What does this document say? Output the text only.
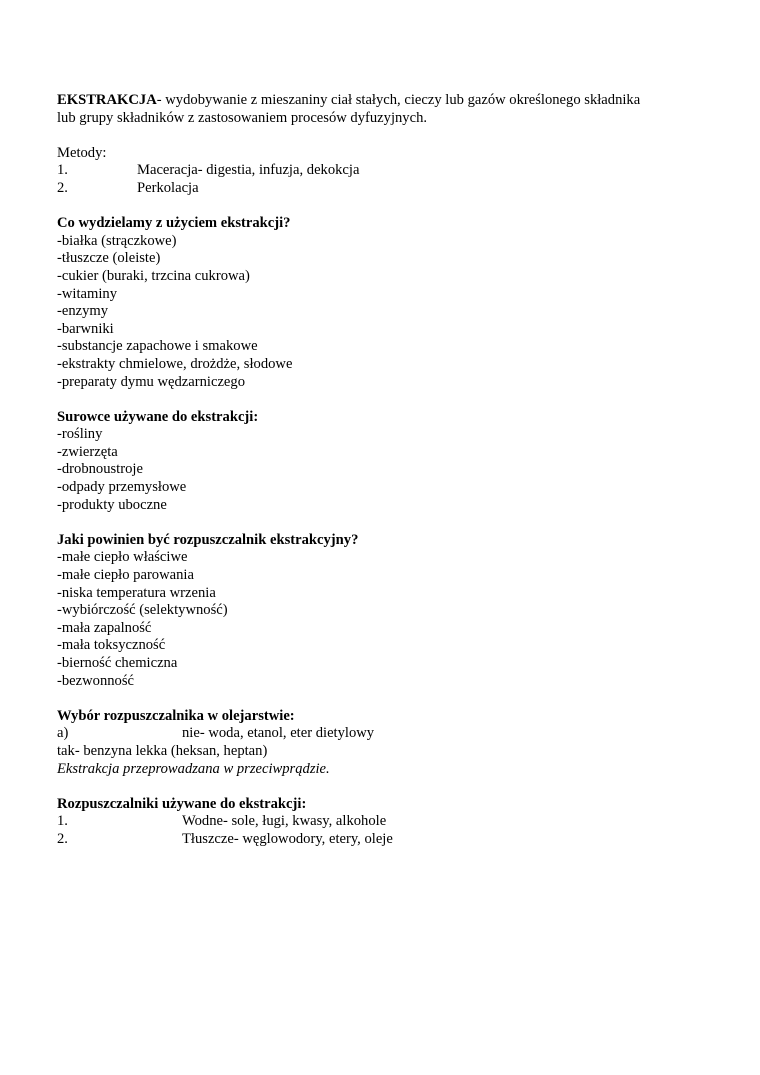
EKSTRAKCJA- wydobywanie z mieszaniny ciał stałych, cieczy lub gazów określonego składnika
lub grupy składników z zastosowaniem procesów dyfuzyjnych.
Metody:
1.	Maceracja- digestia, infuzja, dekokcja
2.	Perkolacja
Co wydzielamy z użyciem ekstrakcji?
-białka (strączkowe)
-tłuszcze (oleiste)
-cukier (buraki, trzcina cukrowa)
-witaminy
-enzymy
-barwniki
-substancje zapachowe i smakowe
-ekstrakty chmielowe, drożdże, słodowe
-preparaty dymu wędzarniczego
Surowce używane do ekstrakcji:
-rośliny
-zwierzęta
-drobnoustroje
-odpady przemysłowe
-produkty uboczne
Jaki powinien być rozpuszczalnik ekstrakcyjny?
-małe ciepło właściwe
-małe ciepło parowania
-niska temperatura wrzenia
-wybiórczość (selektywność)
-mała zapalność
-mała toksyczność
-bierność chemiczna
-bezwonność
Wybór rozpuszczalnika w olejarstwie:
a)	nie- woda, etanol, eter dietylowy
tak- benzyna lekka (heksan, heptan)
Ekstrakcja przeprowadzana w przeciwprądzie.
Rozpuszczalniki używane do ekstrakcji:
1.	Wodne- sole, ługi, kwasy, alkohole
2.	Tłuszcze- węglowodory, etery, oleje
